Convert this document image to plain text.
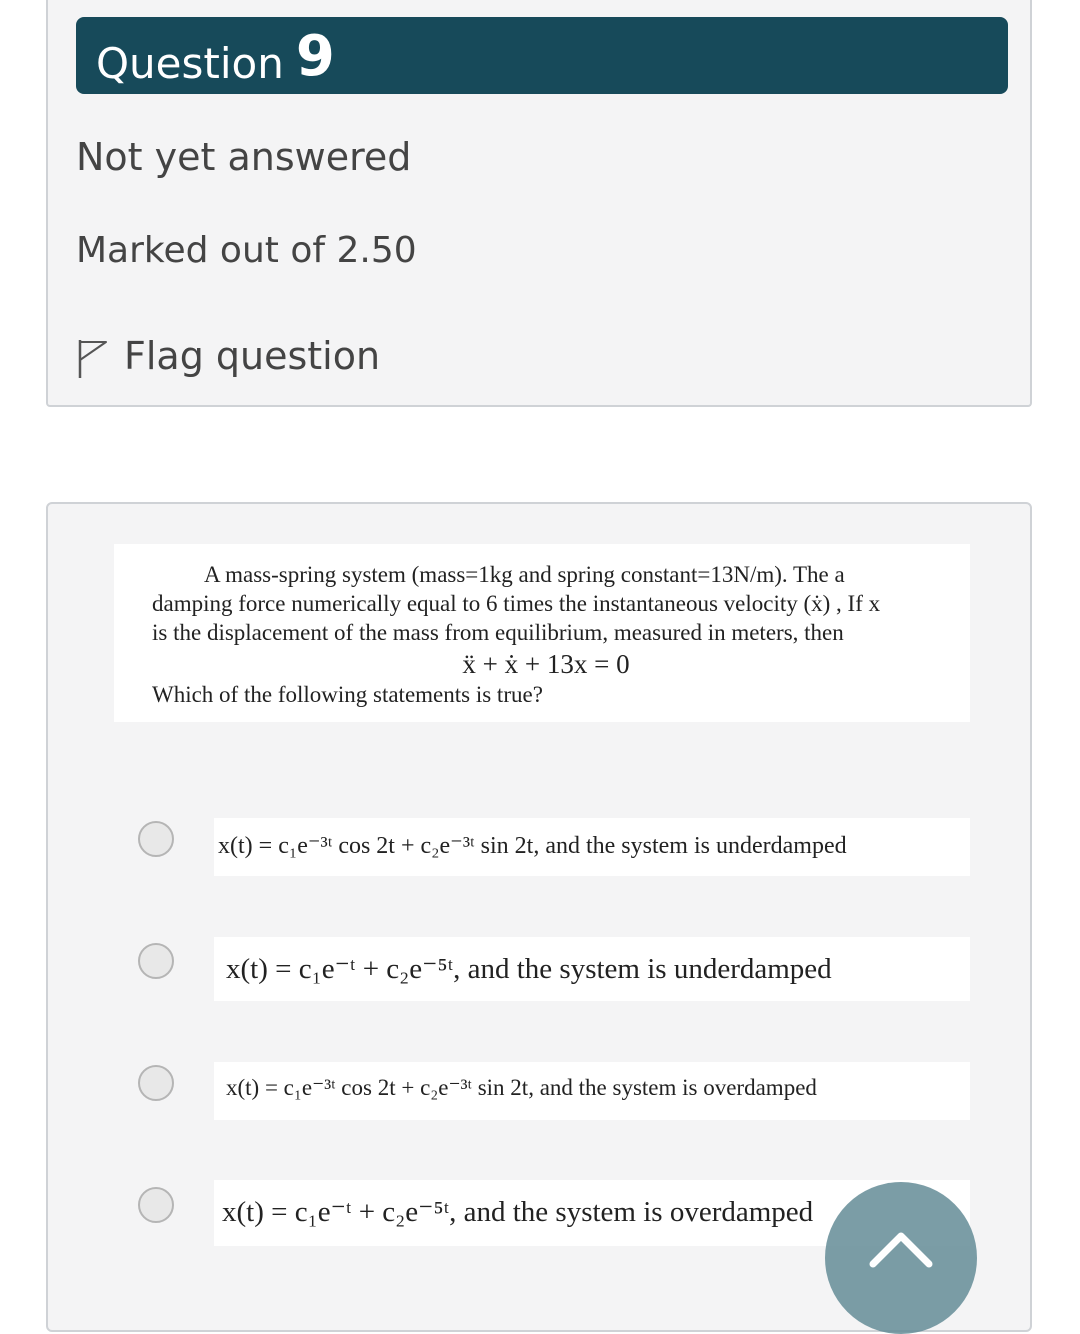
Question 9
Not yet answered
Marked out of 2.50
Flag question
A mass-spring system (mass=1kg and spring constant=13N/m). The a
damping force numerically equal to 6 times the instantaneous velocity (ẋ) , If x
is the displacement of the mass from equilibrium, measured in meters, then
ẍ + ẋ + 13x = 0
Which of the following statements is true?
x(t) = c₁e⁻³ᵗ cos 2t + c₂e⁻³ᵗ sin 2t, and the system is underdamped
x(t) = c₁e⁻ᵗ + c₂e⁻⁵ᵗ, and the system is underdamped
x(t) = c₁e⁻³ᵗ cos 2t + c₂e⁻³ᵗ sin 2t, and the system is overdamped
x(t) = c₁e⁻ᵗ + c₂e⁻⁵ᵗ, and the system is overdamped
